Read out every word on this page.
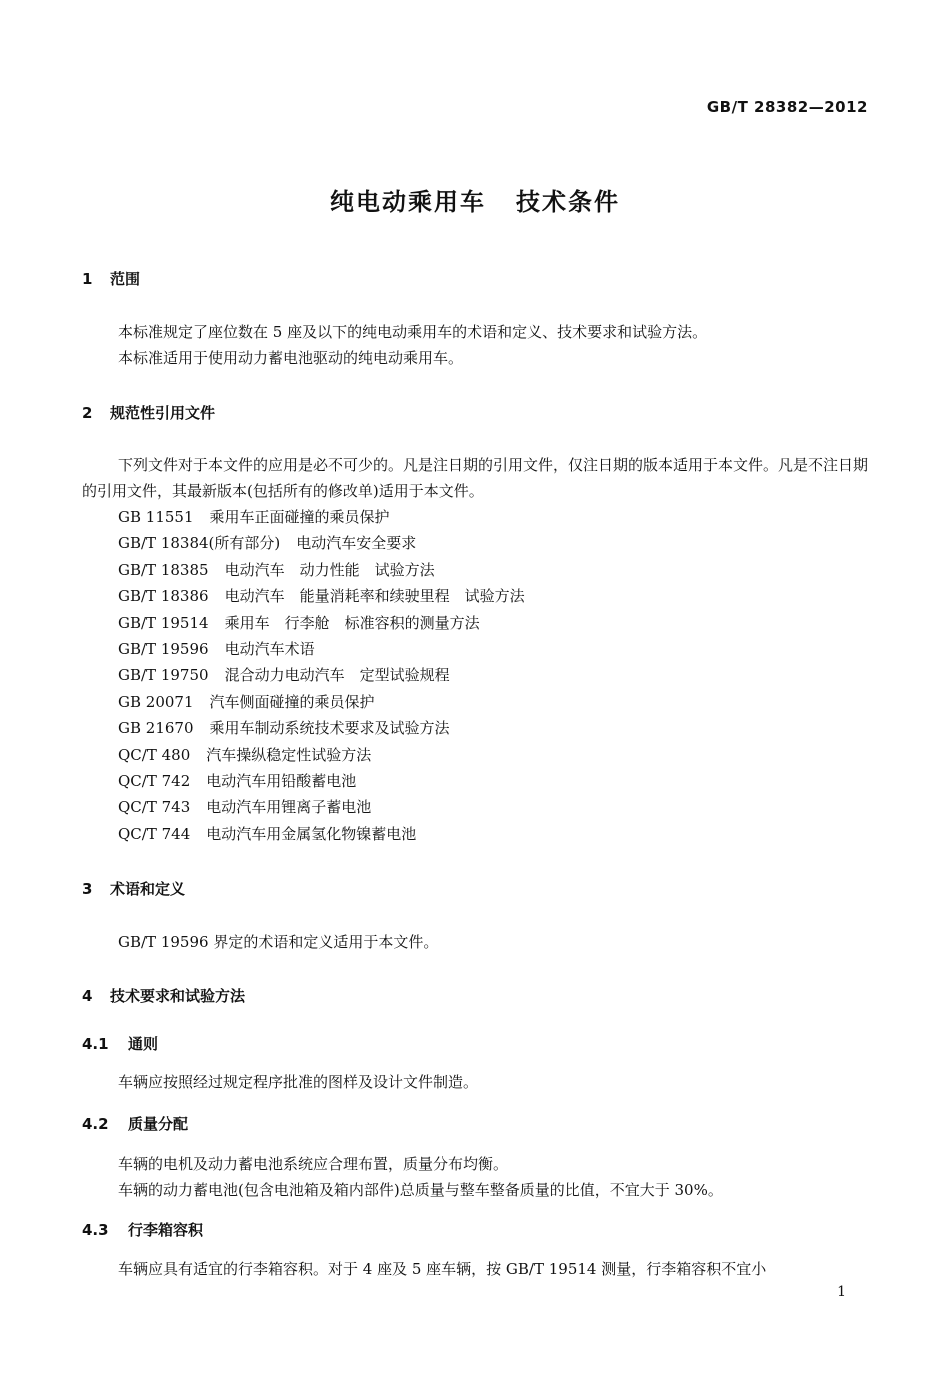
GB/T 28382—2012
纯电动乘用车 技术条件
1 范围

本标准规定了座位数在 5 座及以下的纯电动乘用车的术语和定义、技术要求和试验方法。

本标准适用于使用动力蓄电池驱动的纯电动乘用车。

2 规范性引用文件

下列文件对于本文件的应用是必不可少的。凡是注日期的引用文件，仅注日期的版本适用于本文件。凡是不注日期的引用文件，其最新版本(包括所有的修改单)适用于本文件。

GB 11551 乘用车正面碰撞的乘员保护
GB/T 18384(所有部分) 电动汽车安全要求
GB/T 18385 电动汽车　动力性能　试验方法
GB/T 18386 电动汽车　能量消耗率和续驶里程　试验方法
GB/T 19514 乘用车　行李舱　标准容积的测量方法
GB/T 19596 电动汽车术语
GB/T 19750 混合动力电动汽车　定型试验规程
GB 20071 汽车侧面碰撞的乘员保护
GB 21670 乘用车制动系统技术要求及试验方法
QC/T 480 汽车操纵稳定性试验方法
QC/T 742 电动汽车用铅酸蓄电池
QC/T 743 电动汽车用锂离子蓄电池
QC/T 744 电动汽车用金属氢化物镍蓄电池
3 术语和定义

GB/T 19596 界定的术语和定义适用于本文件。

4 技术要求和试验方法
4.1 通则

车辆应按照经过规定程序批准的图样及设计文件制造。

4.2 质量分配

车辆的电机及动力蓄电池系统应合理布置，质量分布均衡。

车辆的动力蓄电池(包含电池箱及箱内部件)总质量与整车整备质量的比值，不宜大于 30%。

4.3 行李箱容积

车辆应具有适宜的行李箱容积。对于 4 座及 5 座车辆，按 GB/T 19514 测量，行李箱容积不宜小

1
